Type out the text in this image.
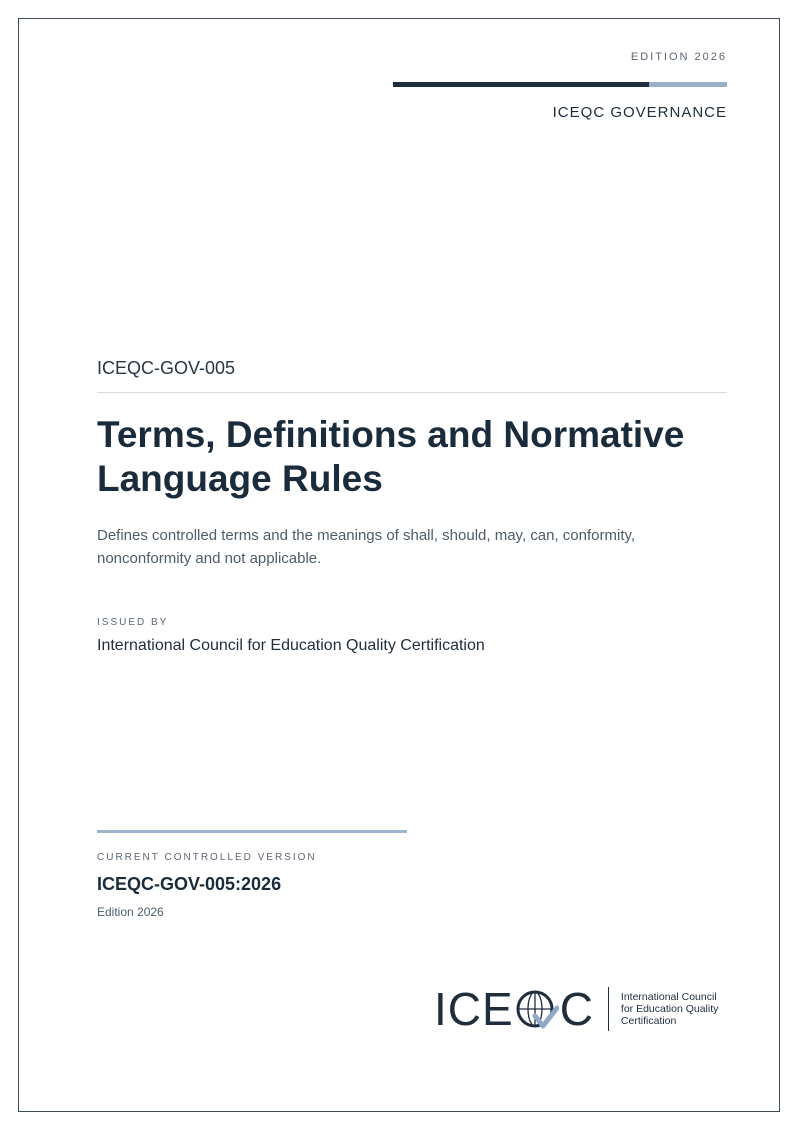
EDITION 2026
ICEQC GOVERNANCE
ICEQC-GOV-005
Terms, Definitions and Normative Language Rules

Defines controlled terms and the meanings of shall, should, may, can, conformity, nonconformity and not applicable.

ISSUED BY
International Council for Education Quality Certification
CURRENT CONTROLLED VERSION
ICEQC-GOV-005:2026
Edition 2026
ICE C	International Council for Education Quality Certification
